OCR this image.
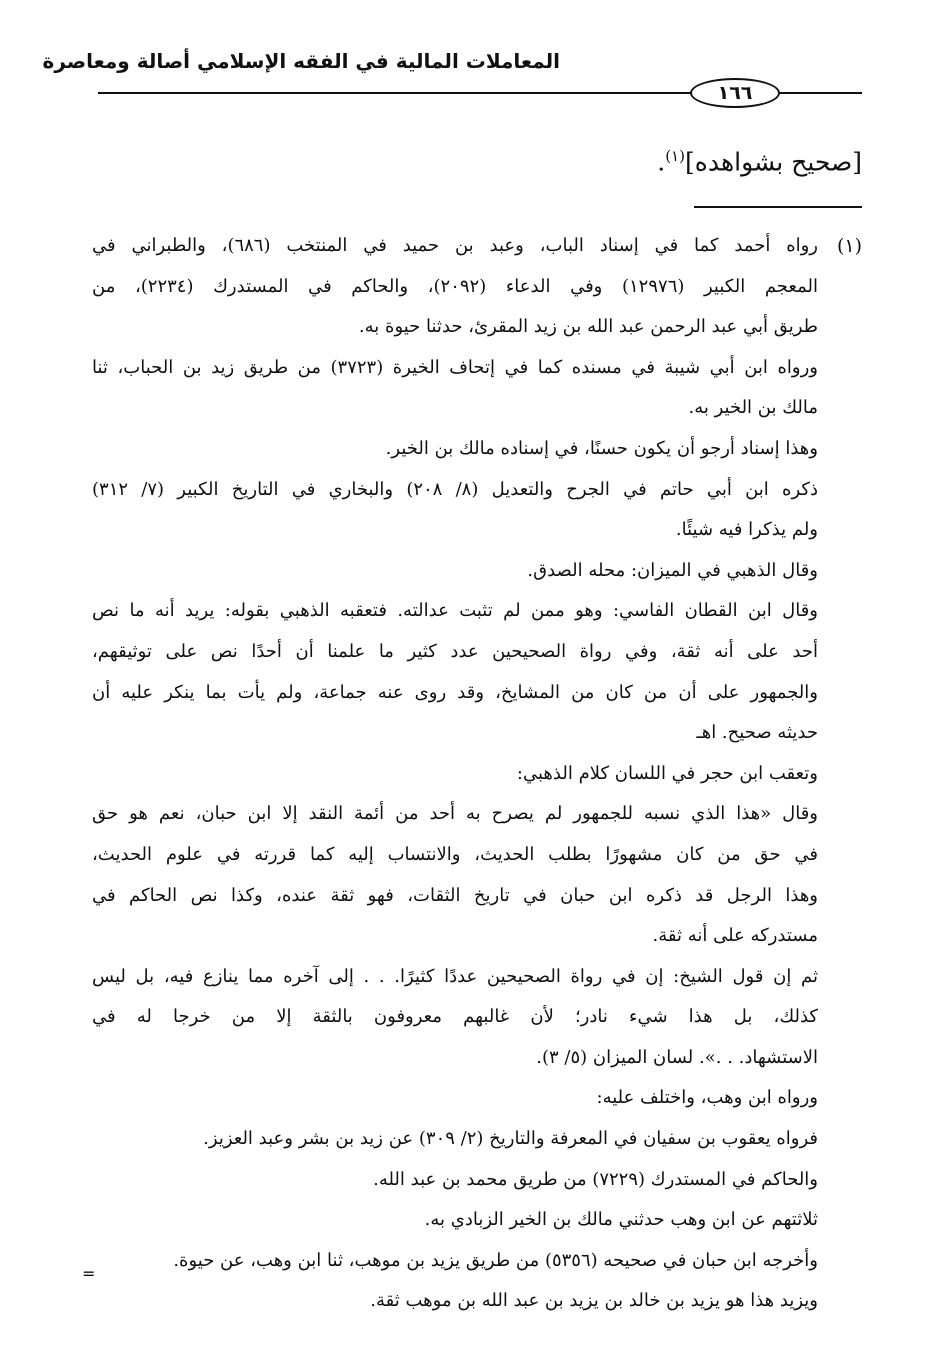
المعاملات المالية في الفقه الإسلامي أصالة ومعاصرة
١٦٦
[صحيح بشواهده]$^{(١)}$.
(١)
رواه أحمد كما في إسناد الباب، وعبد بن حميد في المنتخب (٦٨٦)، والطبراني في
المعجم الكبير (١٢٩٧٦) وفي الدعاء (٢٠٩٢)، والحاكم في المستدرك (٢٢٣٤)، من
طريق أبي عبد الرحمن عبد الله بن زيد المقرئ، حدثنا حيوة به.
ورواه ابن أبي شيبة في مسنده كما في إتحاف الخيرة (٣٧٢٣) من طريق زيد بن الحباب، ثنا
مالك بن الخير به.
وهذا إسناد أرجو أن يكون حسنًا، في إسناده مالك بن الخير.
ذكره ابن أبي حاتم في الجرح والتعديل (٨/ ٢٠٨) والبخاري في التاريخ الكبير (٧/ ٣١٢)
ولم يذكرا فيه شيئًا.
وقال الذهبي في الميزان: محله الصدق.
وقال ابن القطان الفاسي: وهو ممن لم تثبت عدالته. فتعقبه الذهبي بقوله: يريد أنه ما نص
أحد على أنه ثقة، وفي رواة الصحيحين عدد كثير ما علمنا أن أحدًا نص على توثيقهم،
والجمهور على أن من كان من المشايخ، وقد روى عنه جماعة، ولم يأت بما ينكر عليه أن
حديثه صحيح. اهـ
وتعقب ابن حجر في اللسان كلام الذهبي:
وقال «هذا الذي نسبه للجمهور لم يصرح به أحد من أئمة النقد إلا ابن حبان، نعم هو حق
في حق من كان مشهورًا بطلب الحديث، والانتساب إليه كما قررته في علوم الحديث،
وهذا الرجل قد ذكره ابن حبان في تاريخ الثقات، فهو ثقة عنده، وكذا نص الحاكم في
مستدركه على أنه ثقة.
ثم إن قول الشيخ: إن في رواة الصحيحين عددًا كثيرًا. . . إلى آخره مما ينازع فيه، بل ليس
كذلك، بل هذا شيء نادر؛ لأن غالبهم معروفون بالثقة إلا من خرجا له في
الاستشهاد. . .». لسان الميزان (٥/ ٣).
ورواه ابن وهب، واختلف عليه:
فرواه يعقوب بن سفيان في المعرفة والتاريخ (٢/ ٣٠٩) عن زيد بن بشر وعبد العزيز.
والحاكم في المستدرك (٧٢٢٩) من طريق محمد بن عبد الله.
ثلاثتهم عن ابن وهب حدثني مالك بن الخير الزبادي به.
وأخرجه ابن حبان في صحيحه (٥٣٥٦) من طريق يزيد بن موهب، ثنا ابن وهب، عن حيوة.
ويزيد هذا هو يزيد بن خالد بن يزيد بن عبد الله بن موهب ثقة.
=
